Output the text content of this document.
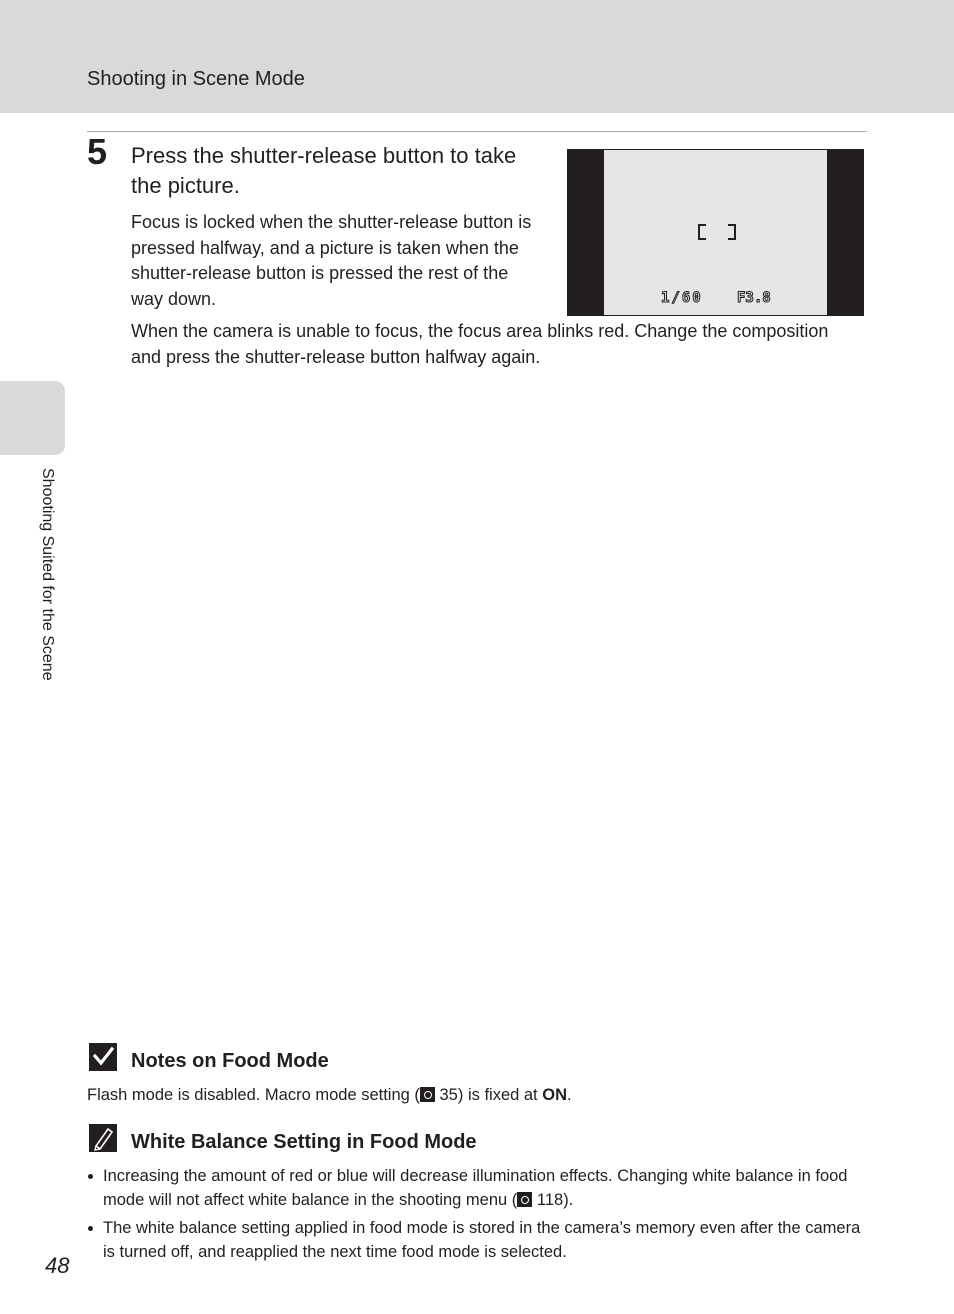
Shooting in Scene Mode
Shooting Suited for the Scene
5 Press the shutter-release button to take the picture.

Focus is locked when the shutter-release button is pressed halfway, and a picture is taken when the shutter-release button is pressed the rest of the way down.

When the camera is unable to focus, the focus area blinks red. Change the composition and press the shutter-release button halfway again.

1/60 F3.8
Notes on Food Mode

Flash mode is disabled. Macro mode setting ( 35) is fixed at ON.

White Balance Setting in Food Mode
Increasing the amount of red or blue will decrease illumination effects. Changing white balance in food mode will not affect white balance in the shooting menu ( 118).
The white balance setting applied in food mode is stored in the camera’s memory even after the camera is turned off, and reapplied the next time food mode is selected.
48
